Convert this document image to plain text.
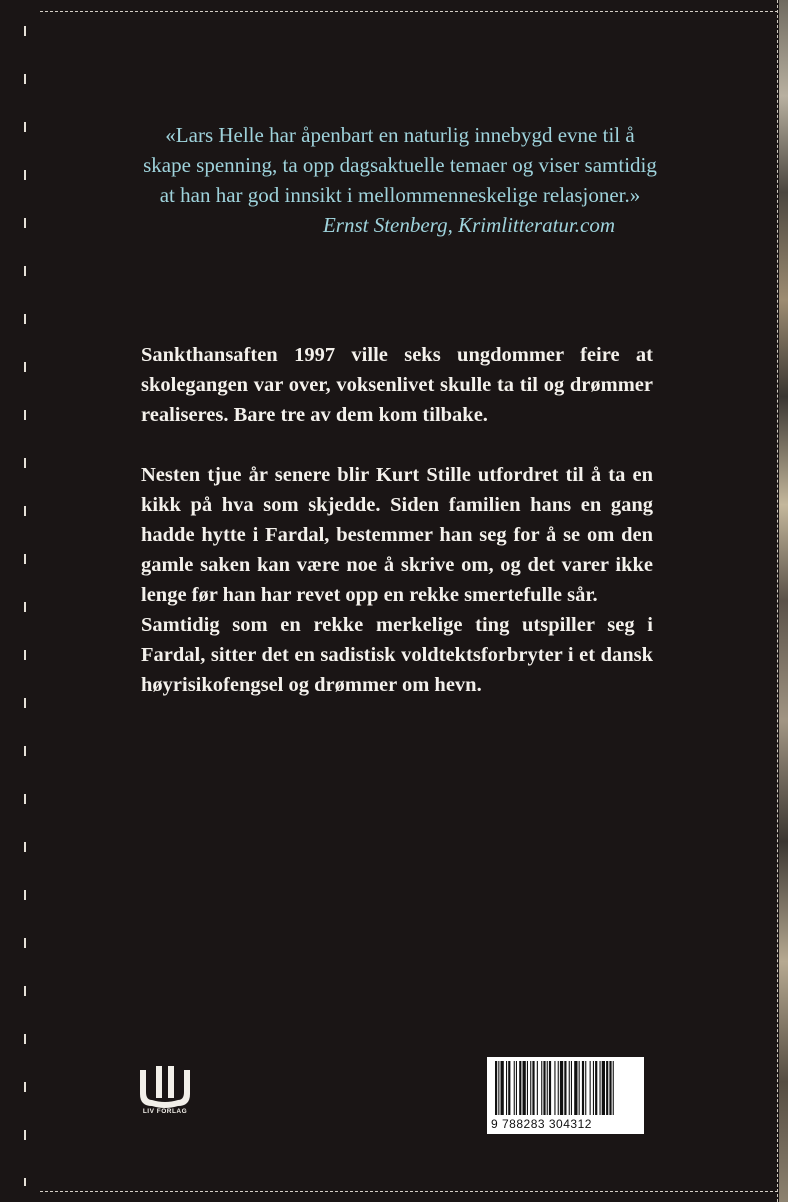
«Lars Helle har åpenbart en naturlig innebygd evne til å skape spenning, ta opp dagsaktuelle temaer og viser samtidig at han har god innsikt i mellommenneskelige relasjoner.»
Ernst Stenberg, Krimlitteratur.com

Sankthansaften 1997 ville seks ungdommer feire at skolegangen var over, voksenlivet skulle ta til og drømmer realiseres. Bare tre av dem kom tilbake.

Nesten tjue år senere blir Kurt Stille utfordret til å ta en kikk på hva som skjedde. Siden familien hans en gang hadde hytte i Fardal, bestemmer han seg for å se om den gamle saken kan være noe å skrive om, og det varer ikke lenge før han har revet opp en rekke smertefulle sår.

Samtidig som en rekke merkelige ting utspiller seg i Fardal, sitter det en sadistisk voldtektsforbryter i et dansk høyrisikofengsel og drømmer om hevn.

LIV FORLAG
9 788283 304312
